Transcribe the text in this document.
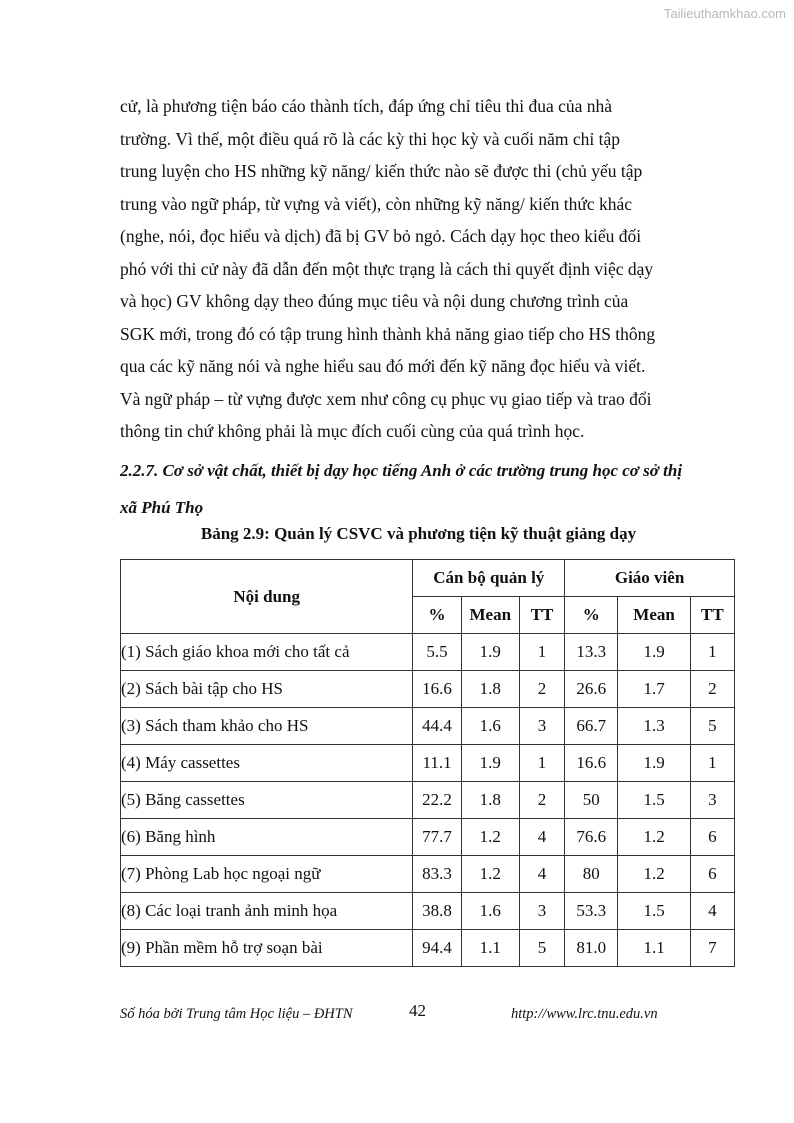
Tailieuthamkhao.com

cử, là phương tiện báo cáo thành tích, đáp ứng chỉ tiêu thi đua của nhà

trường. Vì thế, một điều quá rõ là các kỳ thi học kỳ và cuối năm chỉ tập

trung luyện cho HS những kỹ năng/ kiến thức nào sẽ được thi (chủ yếu tập

trung vào ngữ pháp, từ vựng và viết), còn những kỹ năng/ kiến thức khác

(nghe, nói, đọc hiểu và dịch) đã bị GV bỏ ngỏ. Cách dạy học theo kiểu đối

phó với thi cử này đã dẫn đến một thực trạng là cách thi quyết định việc dạy

và học) GV không dạy theo đúng mục tiêu và nội dung chương trình của

SGK mới, trong đó có tập trung hình thành khả năng giao tiếp cho HS thông

qua các kỹ năng nói và nghe hiểu sau đó mới đến kỹ năng đọc hiểu và viết.

Và ngữ pháp – từ vựng được xem như công cụ phục vụ giao tiếp và trao đổi

thông tin chứ không phải là mục đích cuối cùng của quá trình học.

2.2.7. Cơ sở vật chất, thiết bị dạy học tiếng Anh ở các trường trung học cơ sở thị

xã Phú Thọ

Bảng 2.9: Quản lý CSVC và phương tiện kỹ thuật giảng dạy

Nội dung	Cán bộ quản lý			Giáo viên		
	%	Mean	TT	%	Mean	TT
(1) Sách giáo khoa mới cho tất cả	5.5	1.9	1	13.3	1.9	1
(2) Sách bài tập cho HS	16.6	1.8	2	26.6	1.7	2
(3) Sách tham khảo cho HS	44.4	1.6	3	66.7	1.3	5
(4) Máy cassettes	11.1	1.9	1	16.6	1.9	1
(5) Băng cassettes	22.2	1.8	2	50	1.5	3
(6) Băng hình	77.7	1.2	4	76.6	1.2	6
(7) Phòng Lab học ngoại ngữ	83.3	1.2	4	80	1.2	6
(8) Các loại tranh ảnh minh họa	38.8	1.6	3	53.3	1.5	4
(9) Phần mềm hỗ trợ soạn bài	94.4	1.1	5	81.0	1.1	7
Số hóa bởi Trung tâm Học liệu – ĐHTN	42	http://www.lrc.tnu.edu.vn
